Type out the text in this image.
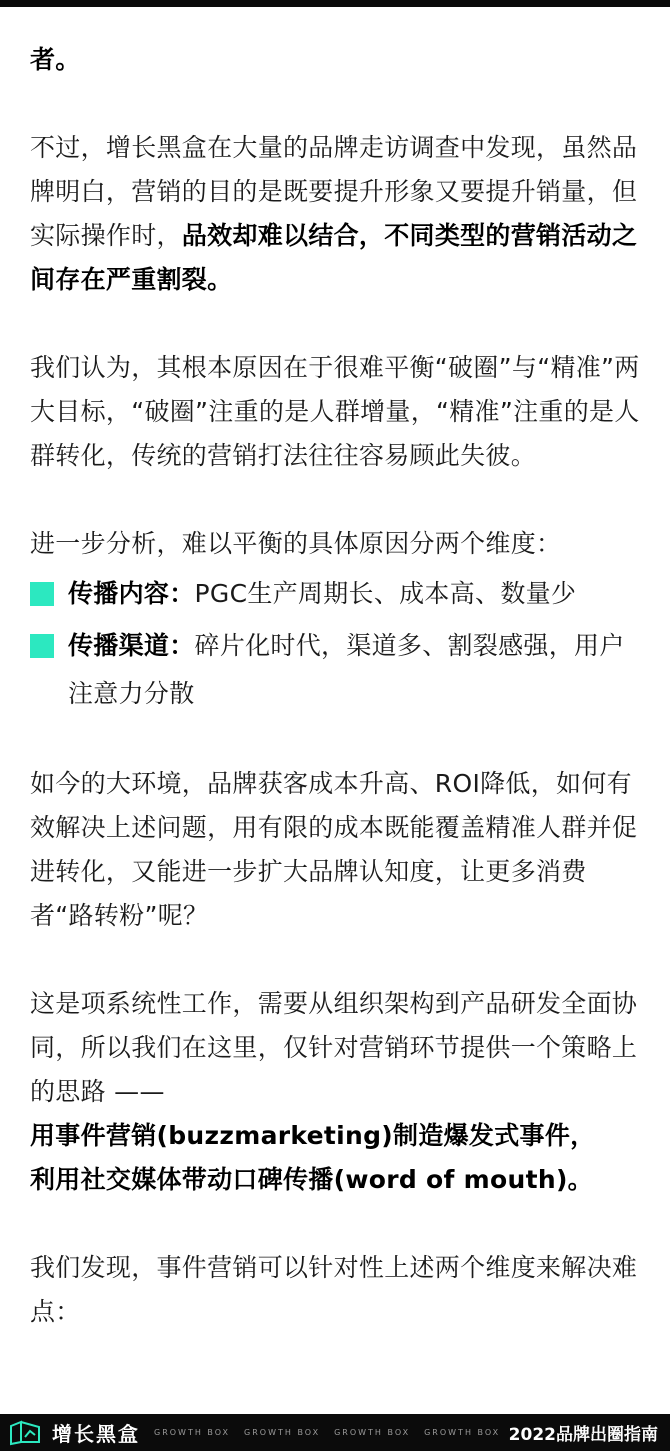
者。

不过，增长黑盒在大量的品牌走访调查中发现，虽然品牌明白，营销的目的是既要提升形象又要提升销量，但实际操作时，品效却难以结合，不同类型的营销活动之间存在严重割裂。

我们认为，其根本原因在于很难平衡“破圈”与“精准”两大目标，“破圈”注重的是人群增量，“精准”注重的是人群转化，传统的营销打法往往容易顾此失彼。

进一步分析，难以平衡的具体原因分两个维度：

传播内容：PGC生产周期长、成本高、数量少

传播渠道：碎片化时代，渠道多、割裂感强，用户注意力分散

如今的大环境，品牌获客成本升高、ROI降低，如何有效解决上述问题，用有限的成本既能覆盖精准人群并促进转化，又能进一步扩大品牌认知度，让更多消费者“路转粉”呢？

这是项系统性工作，需要从组织架构到产品研发全面协同，所以我们在这里，仅针对营销环节提供一个策略上的思路 ——

用事件营销(buzzmarketing)制造爆发式事件，

利用社交媒体带动口碑传播(word of mouth)。

我们发现，事件营销可以针对性上述两个维度来解决难点：

增长黑盒 GROWTH BOX GROWTH BOX GROWTH BOX GROWTH BOX 2022品牌出圈指南
